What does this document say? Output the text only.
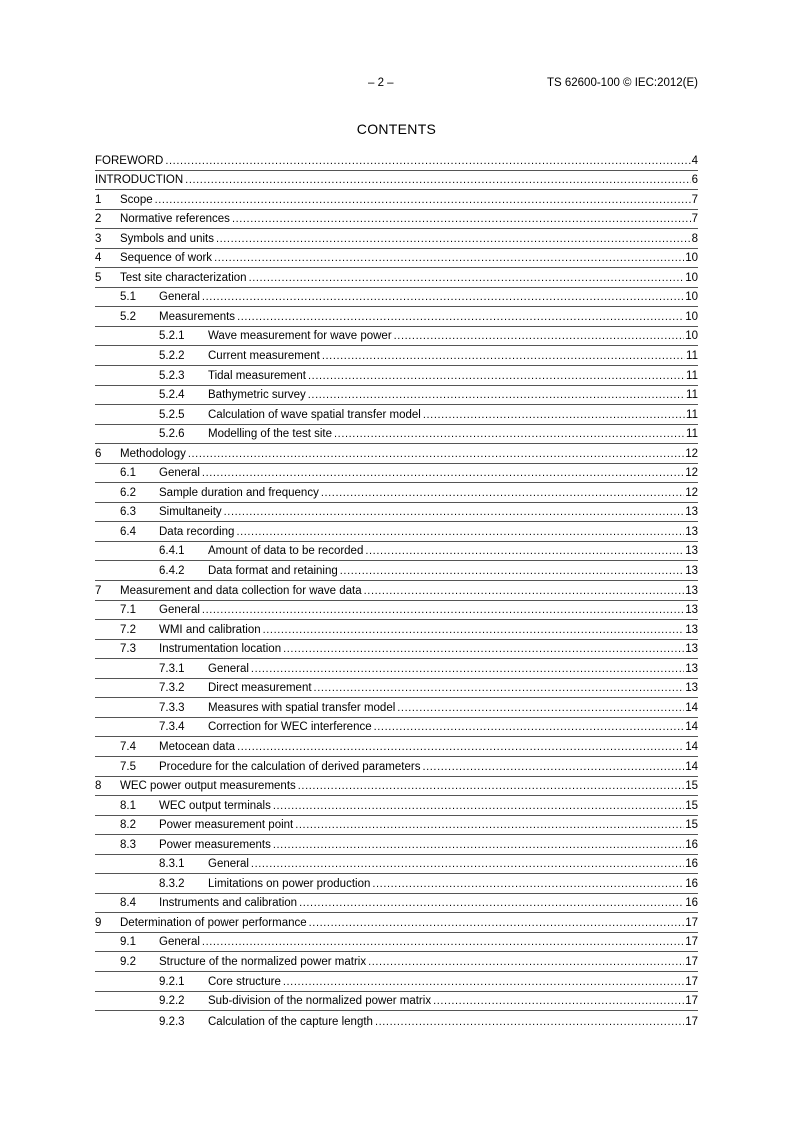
– 2 –	TS 62600-100 © IEC:2012(E)
CONTENTS
FOREWORD .....	4
INTRODUCTION .....	6
1	Scope .....	7
2	Normative references .....	7
3	Symbols and units .....	8
4	Sequence of work .....	10
5	Test site characterization .....	10
5.1	General .....	10
5.2	Measurements .....	10
5.2.1	Wave measurement for wave power .....	10
5.2.2	Current measurement .....	11
5.2.3	Tidal measurement .....	11
5.2.4	Bathymetric survey .....	11
5.2.5	Calculation of wave spatial transfer model .....	11
5.2.6	Modelling of the test site .....	11
6	Methodology .....	12
6.1	General .....	12
6.2	Sample duration and frequency .....	12
6.3	Simultaneity .....	13
6.4	Data recording .....	13
6.4.1	Amount of data to be recorded .....	13
6.4.2	Data format and retaining .....	13
7	Measurement and data collection for wave data .....	13
7.1	General .....	13
7.2	WMI and calibration .....	13
7.3	Instrumentation location .....	13
7.3.1	General .....	13
7.3.2	Direct measurement .....	13
7.3.3	Measures with spatial transfer model .....	14
7.3.4	Correction for WEC interference .....	14
7.4	Metocean data .....	14
7.5	Procedure for the calculation of derived parameters .....	14
8	WEC power output measurements .....	15
8.1	WEC output terminals .....	15
8.2	Power measurement point .....	15
8.3	Power measurements .....	16
8.3.1	General .....	16
8.3.2	Limitations on power production .....	16
8.4	Instruments and calibration .....	16
9	Determination of power performance .....	17
9.1	General .....	17
9.2	Structure of the normalized power matrix .....	17
9.2.1	Core structure .....	17
9.2.2	Sub-division of the normalized power matrix .....	17
9.2.3	Calculation of the capture length .....	17
